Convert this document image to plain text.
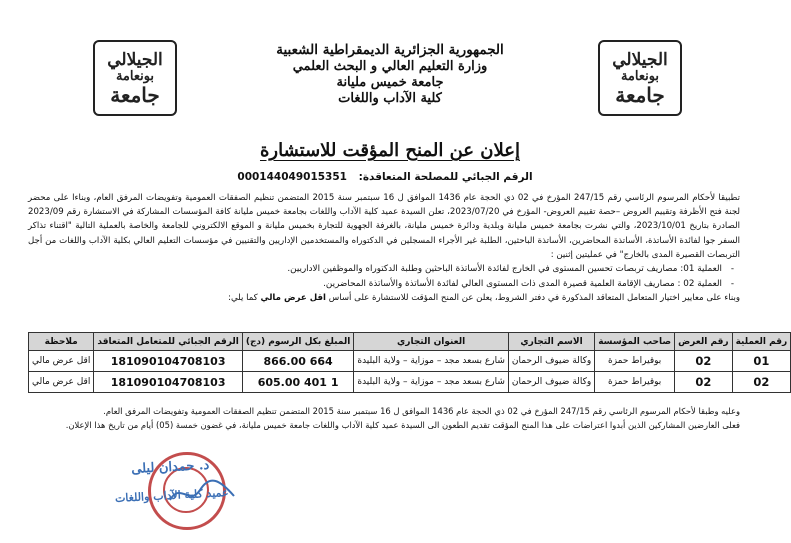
الجيلالي
بونعامة
جامعة
الجيلالي
بونعامة
جامعة
الجمهورية الجزائرية الديمقراطية الشعبية
وزارة التعليم العالي و البحث العلمي
جامعة خميس مليانة
كلية الآداب واللغات
إعلان عن المنح المؤقت للاستشارة
الرقم الجبائي للمصلحة المتعاقدة: 000144049015351

تطبيقا لأحكام المرسوم الرئاسي رقم 247/15 المؤرخ في 02 ذي الحجة عام 1436 الموافق ل 16 سبتمبر سنة 2015 المتضمن تنظيم الصفقات العمومية وتفويضات المرفق العام، وبناءا على محضر لجنة فتح الأظرفة وتقييم العروض –حصة تقييم العروض- المؤرخ في 2023/07/20، تعلن السيدة عميد كلية الآداب واللغات بجامعة خميس مليانة كافة المؤسسات المشاركة في الاستشارة رقم 2023/09 الصادرة بتاريخ 2023/10/01، والتي نشرت بجامعة خميس مليانة وبلدية ودائرة خميس مليانة، بالغرفة الجهوية للتجارة بخميس مليانة و الموقع الالكتروني للجامعة والخاصة بالعملية التالية "اقتناء تذاكر السفر جوا لفائدة الأساتذة، الأساتذة المحاضرين، الأساتذة الباحثين، الطلبة غير الأجراء المسجلين في الدكتوراه والمستخدمين الإداريين والتقنيين في مؤسسات التعليم العالي بكلية الآداب واللغات من أجل التربصات القصيرة المدى بالخارج" في عمليتين إثنين :

- العملية 01: مصاريف تربصات تحسين المستوى في الخارج لفائدة الأساتذة الباحثين وطلبة الدكتوراه والموظفين الاداريين.
- العملية 02 : مصاريف الإقامة العلمية قصيرة المدى ذات المستوى العالي لفائدة الأساتذة والأساتذة المحاضرين.

وبناء على معايير اختيار المتعامل المتعاقد المذكورة في دفتر الشروط، يعلن عن المنح المؤقت للاستشارة على أساس اقل عرض مالي كما يلي:

رقم العملية	رقم العرض	صاحب المؤسسة	الاسم التجاري	العنوان التجاري	المبلغ بكل الرسوم (دج)	الرقم الجبائي للمتعامل المتعاقد	ملاحظة
01	02	بوقيراط حمزة	وكالة ضيوف الرحمان	شارع بسعد مجد – موزاية – ولاية البليدة	664 866.00	181090104708103	اقل عرض مالي
02	02	بوقيراط حمزة	وكالة ضيوف الرحمان	شارع بسعد مجد – موزاية – ولاية البليدة	1 401 605.00	181090104708103	اقل عرض مالي

وعليه وطبقا لأحكام المرسوم الرئاسي رقم 247/15 المؤرخ في 02 ذي الحجة عام 1436 الموافق ل 16 سبتمبر سنة 2015 المتضمن تنظيم الصفقات العمومية وتفويضات المرفق العام.

فعلى العارضين المشاركين الذين أبدوا اعتراضات على هذا المنح المؤقت تقديم الطعون الى السيدة عميد كلية الآداب واللغات جامعة خميس مليانة، في غضون خمسة (05) أيام من تاريخ هذا الإعلان.

د. حمدان ليلى
عميد كلية الآداب واللغات
